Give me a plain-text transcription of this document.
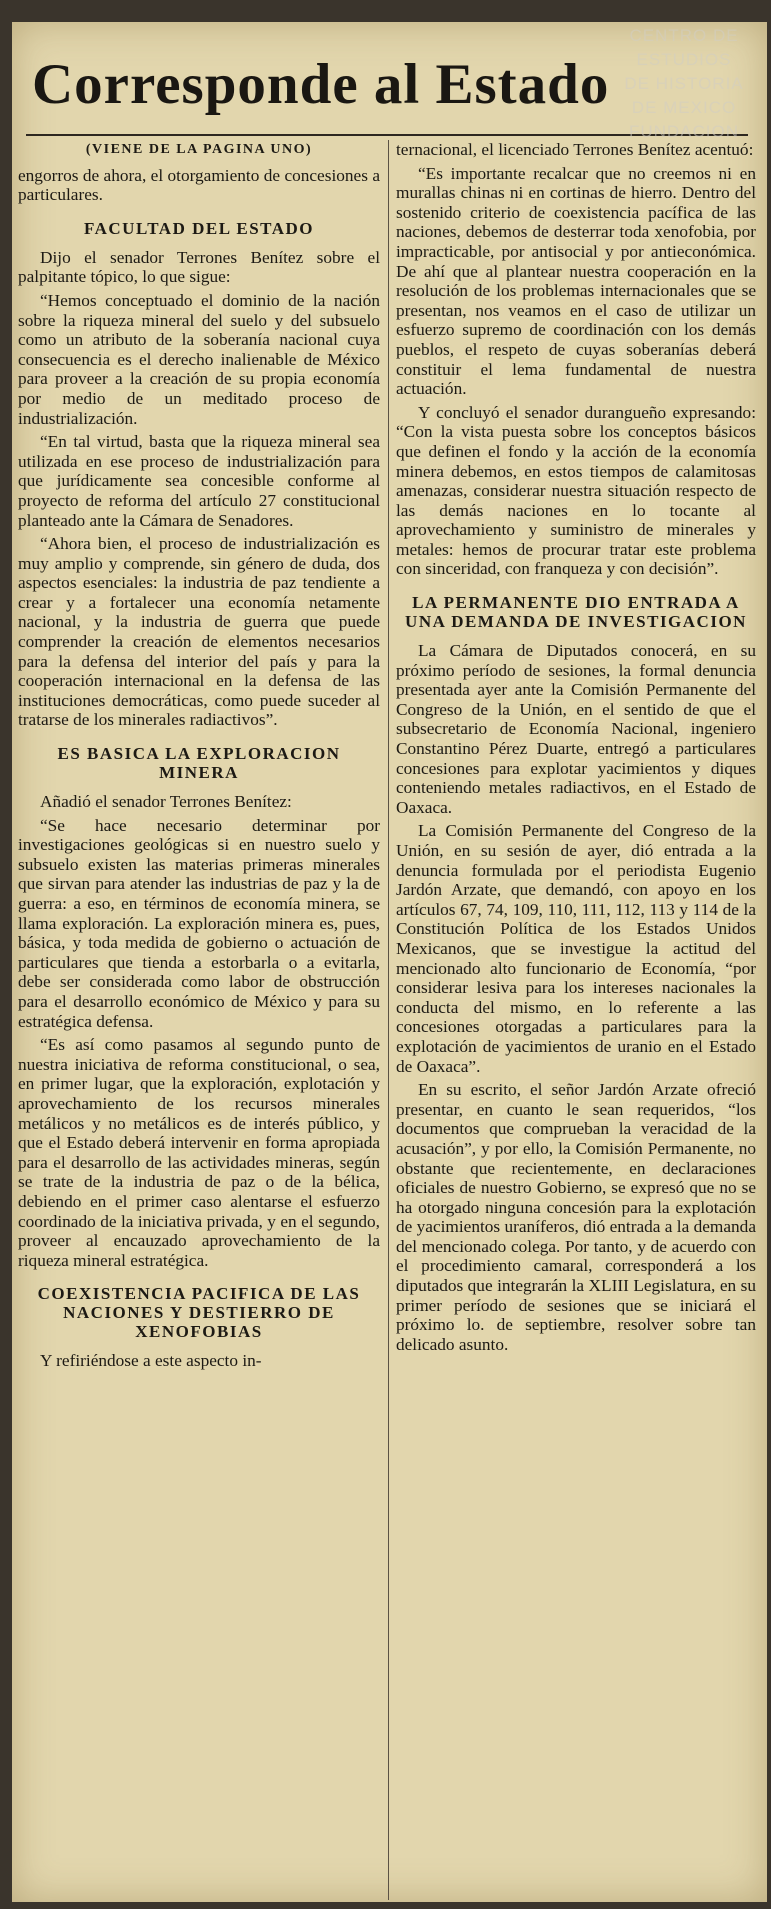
CENTRO DE
ESTUDIOS
DE HISTORIA
DE MEXICO
FUNDACION
Corresponde al Estado
(VIENE DE LA PAGINA UNO)

engorros de ahora, el otorgamiento de concesiones a particulares.

FACULTAD DEL ESTADO

Dijo el senador Terrones Benítez sobre el palpitante tópico, lo que sigue:

“Hemos conceptuado el dominio de la nación sobre la riqueza mineral del suelo y del subsuelo como un atributo de la soberanía nacional cuya consecuencia es el derecho inalienable de México para proveer a la creación de su propia economía por medio de un meditado proceso de industrialización.

“En tal virtud, basta que la riqueza mineral sea utilizada en ese proceso de industrialización para que jurídicamente sea concesible conforme al proyecto de reforma del artículo 27 constitucional planteado ante la Cámara de Senadores.

“Ahora bien, el proceso de industrialización es muy amplio y comprende, sin género de duda, dos aspectos esenciales: la industria de paz tendiente a crear y a fortalecer una economía netamente nacional, y la industria de guerra que puede comprender la creación de elementos necesarios para la defensa del interior del país y para la cooperación internacional en la defensa de las instituciones democráticas, como puede suceder al tratarse de los minerales radiactivos”.

ES BASICA LA EXPLORACION MINERA

Añadió el senador Terrones Benítez:

“Se hace necesario determinar por investigaciones geológicas si en nuestro suelo y subsuelo existen las materias primeras minerales que sirvan para atender las industrias de paz y la de guerra: a eso, en términos de economía minera, se llama exploración. La exploración minera es, pues, básica, y toda medida de gobierno o actuación de particulares que tienda a estorbarla o a evitarla, debe ser considerada como labor de obstrucción para el desarrollo económico de México y para su estratégica defensa.

“Es así como pasamos al segundo punto de nuestra iniciativa de reforma constitucional, o sea, en primer lugar, que la exploración, explotación y aprovechamiento de los recursos minerales metálicos y no metálicos es de interés público, y que el Estado deberá intervenir en forma apropiada para el desarrollo de las actividades mineras, según se trate de la industria de paz o de la bélica, debiendo en el primer caso alentarse el esfuerzo coordinado de la iniciativa privada, y en el segundo, proveer al encauzado aprovechamiento de la riqueza mineral estratégica.

COEXISTENCIA PACIFICA DE LAS NACIONES Y DESTIERRO DE XENOFOBIAS

Y refiriéndose a este aspecto in-

ternacional, el licenciado Terrones Benítez acentuó:

“Es importante recalcar que no creemos ni en murallas chinas ni en cortinas de hierro. Dentro del sostenido criterio de coexistencia pacífica de las naciones, debemos de desterrar toda xenofobia, por impracticable, por antisocial y por antieconómica. De ahí que al plantear nuestra cooperación en la resolución de los problemas internacionales que se presentan, nos veamos en el caso de utilizar un esfuerzo supremo de coordinación con los demás pueblos, el respeto de cuyas soberanías deberá constituir el lema fundamental de nuestra actuación.

Y concluyó el senador duranguеño expresando: “Con la vista puesta sobre los conceptos básicos que definen el fondo y la acción de la economía minera debemos, en estos tiempos de calamitosas amenazas, considerar nuestra situación respecto de las demás naciones en lo tocante al aprovechamiento y suministro de minerales y metales: hemos de procurar tratar este problema con sinceridad, con franqueza y con decisión”.

LA PERMANENTE DIO ENTRADA A UNA DEMANDA DE INVESTIGACION

La Cámara de Diputados conocerá, en su próximo período de sesiones, la formal denuncia presentada ayer ante la Comisión Permanente del Congreso de la Unión, en el sentido de que el subsecretario de Economía Nacional, ingeniero Constantino Pérez Duarte, entregó a particulares concesiones para explotar yacimientos y diques conteniendo metales radiactivos, en el Estado de Oaxaca.

La Comisión Permanente del Congreso de la Unión, en su sesión de ayer, dió entrada a la denuncia formulada por el periodista Eugenio Jardón Arzate, que demandó, con apoyo en los artículos 67, 74, 109, 110, 111, 112, 113 y 114 de la Constitución Política de los Estados Unidos Mexicanos, que se investigue la actitud del mencionado alto funcionario de Economía, “por considerar lesiva para los intereses nacionales la conducta del mismo, en lo referente a las concesiones otorgadas a particulares para la explotación de yacimientos de uranio en el Estado de Oaxaca”.

En su escrito, el señor Jardón Arzate ofreció presentar, en cuanto le sean requeridos, “los documentos que comprueban la veracidad de la acusación”, y por ello, la Comisión Permanente, no obstante que recientemente, en declaraciones oficiales de nuestro Gobierno, se expresó que no se ha otorgado ninguna concesión para la explotación de yacimientos uraníferos, dió entrada a la demanda del mencionado colega. Por tanto, y de acuerdo con el procedimiento camaral, corresponderá a los diputados que integrarán la XLIII Legislatura, en su primer período de sesiones que se iniciará el próximo lo. de septiembre, resolver sobre tan delicado asunto.
